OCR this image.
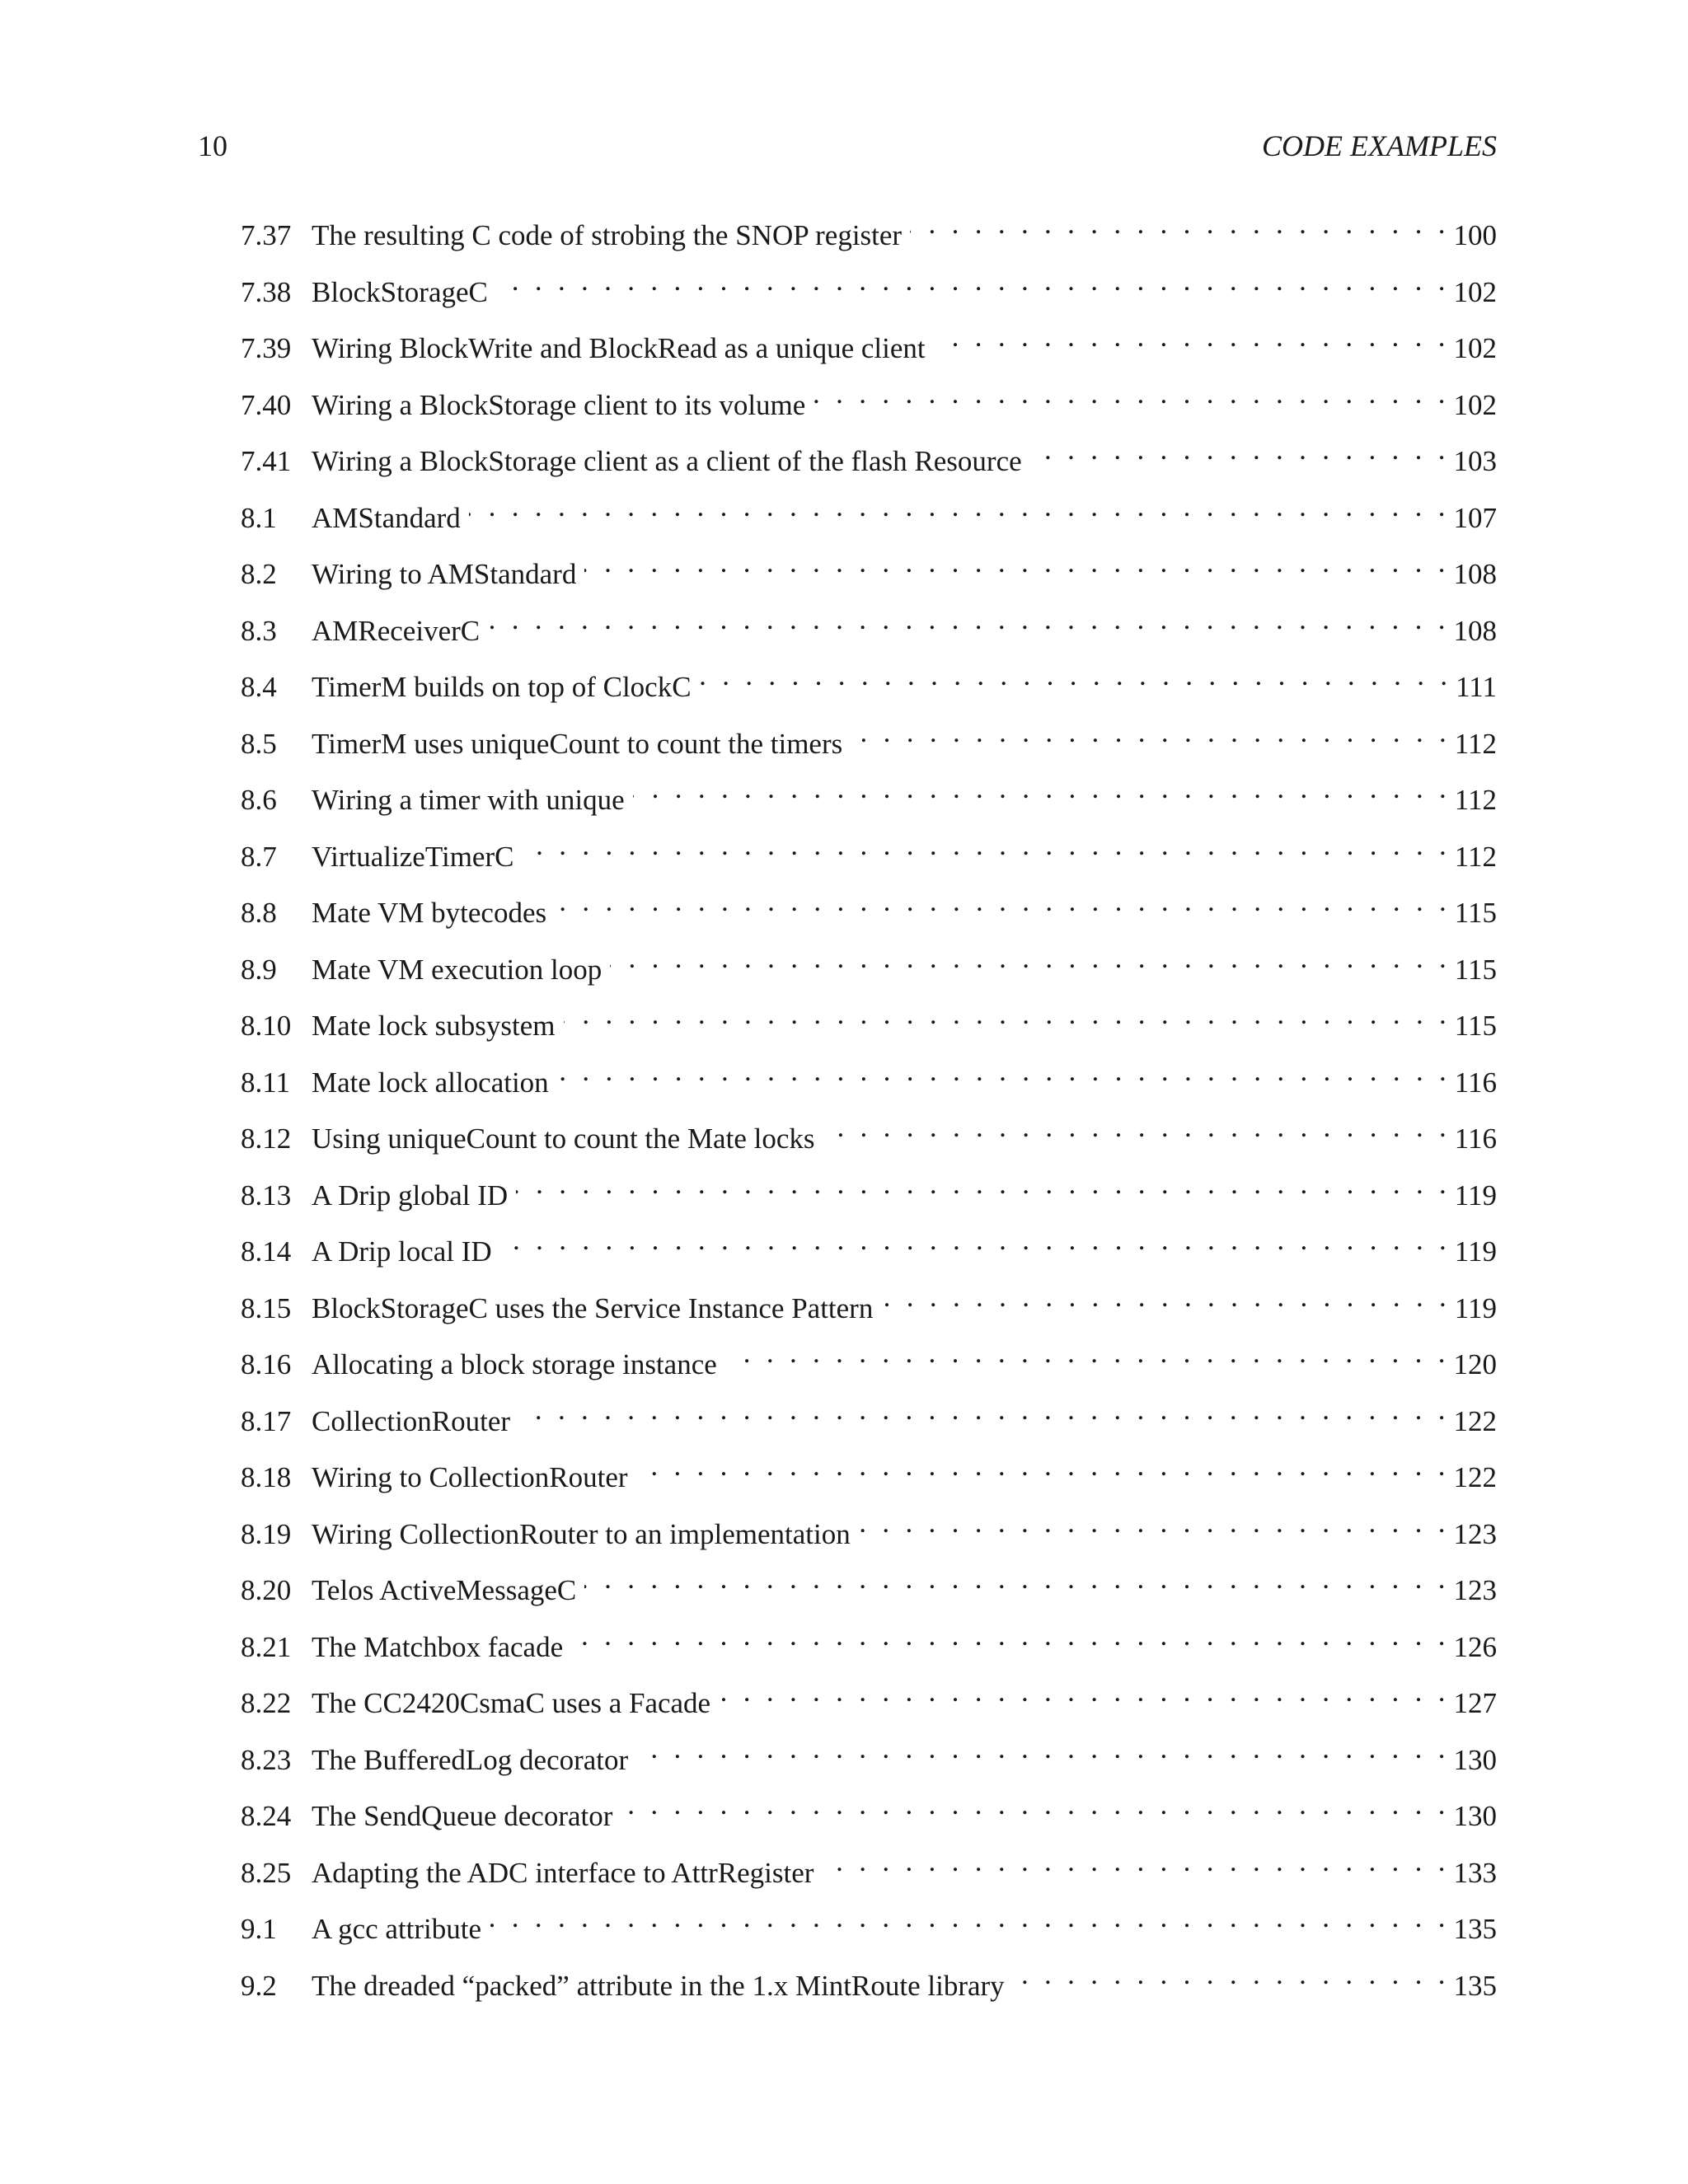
10	CODE EXAMPLES
7.37 The resulting C code of strobing the SNOP register . . .	100
7.38 BlockStorageC . . .	102
7.39 Wiring BlockWrite and BlockRead as a unique client . . .	102
7.40 Wiring a BlockStorage client to its volume . . .	102
7.41 Wiring a BlockStorage client as a client of the flash Resource . . .	103
8.1	AMStandard . . .	107
8.2	Wiring to AMStandard . . .	108
8.3	AMReceiverC . . .	108
8.4	TimerM builds on top of ClockC . . .	111
8.5	TimerM uses uniqueCount to count the timers . . .	112
8.6	Wiring a timer with unique . . .	112
8.7	VirtualizeTimerC . . .	112
8.8	Mate VM bytecodes . . .	115
8.9	Mate VM execution loop . . .	115
8.10 Mate lock subsystem . . .	115
8.11 Mate lock allocation . . .	116
8.12 Using uniqueCount to count the Mate locks . . .	116
8.13 A Drip global ID . . .	119
8.14 A Drip local ID . . .	119
8.15 BlockStorageC uses the Service Instance Pattern . . .	119
8.16 Allocating a block storage instance . . .	120
8.17 CollectionRouter . . .	122
8.18 Wiring to CollectionRouter . . .	122
8.19 Wiring CollectionRouter to an implementation . . .	123
8.20 Telos ActiveMessageC . . .	123
8.21 The Matchbox facade . . .	126
8.22 The CC2420CsmaC uses a Facade . . .	127
8.23 The BufferedLog decorator . . .	130
8.24 The SendQueue decorator . . .	130
8.25 Adapting the ADC interface to AttrRegister . . .	133
9.1	A gcc attribute . . .	135
9.2	The dreaded “packed” attribute in the 1.x MintRoute library . . .	135
